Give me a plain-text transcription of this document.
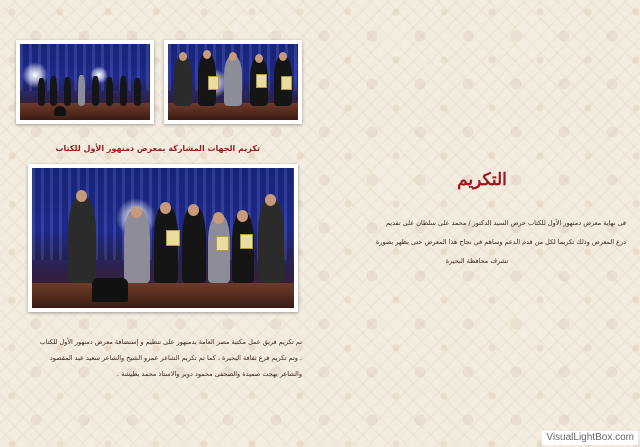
تكريم الجهات المشاركة بمعرض دمنهور الأول للكتاب
التكريم
فى نهاية معرض دمنهور الأول للكتاب حرص السيد الدكتور / محمد على سلطان على تقديم
درع المعرض وذلك تكريما لكل من قدم الدعم وساهم فى نجاح هذا المعرض حتى يظهر بصورة
تشرف محافظة البحيرة
تم تكريم فريق عمل مكتبة مصر العامة بدمنهور على تنظيم و إستضافة معرض دمنهور الأول للكتاب
، وتم تكريم فرع ثقافة البحيرة ، كما تم تكريم الشاعر عمرو الشيخ والشاعر سعيد عبد المقصود
والشاعر بهجت صميدة والصحفى محمود دوير والاستاذ محمد بطيشة .
VisualLightBox.com
